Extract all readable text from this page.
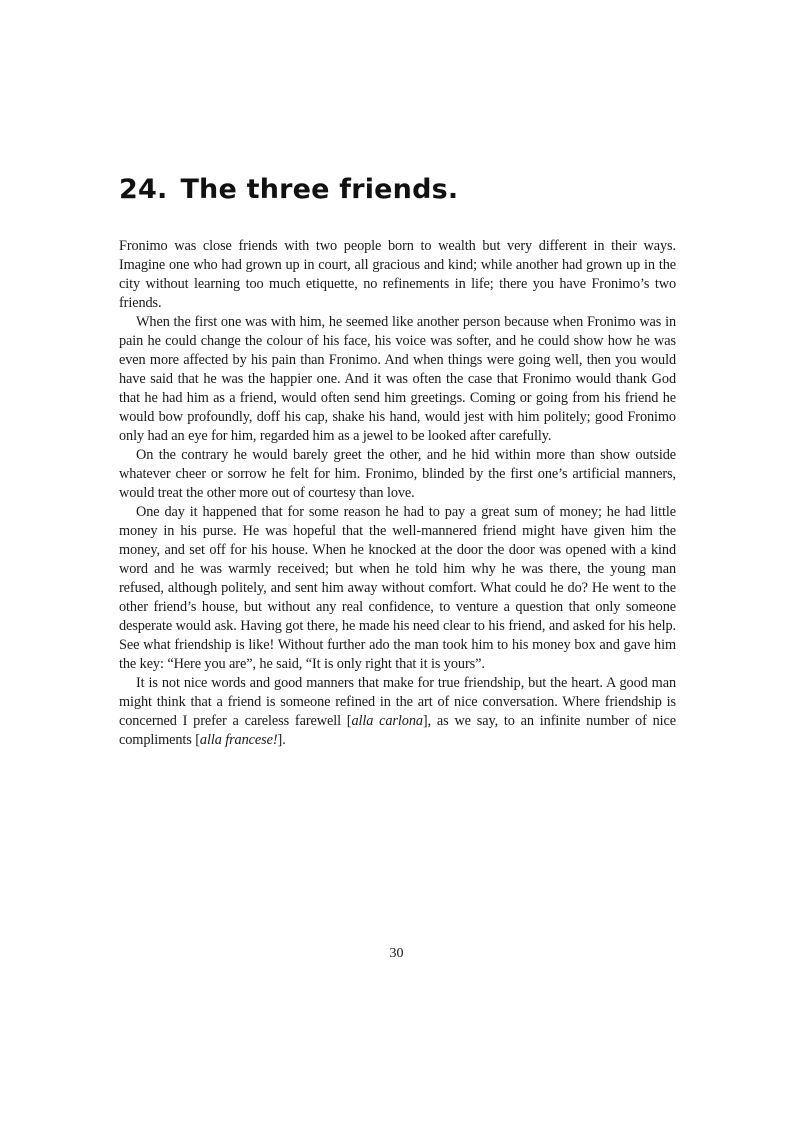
24. The three friends.

Fronimo was close friends with two people born to wealth but very different in their ways. Imagine one who had grown up in court, all gracious and kind; while another had grown up in the city without learning too much etiquette, no refinements in life; there you have Fronimo’s two friends.

When the first one was with him, he seemed like another person because when Fronimo was in pain he could change the colour of his face, his voice was softer, and he could show how he was even more affected by his pain than Fronimo. And when things were going well, then you would have said that he was the happier one. And it was often the case that Fronimo would thank God that he had him as a friend, would often send him greetings. Coming or going from his friend he would bow profoundly, doff his cap, shake his hand, would jest with him politely; good Fronimo only had an eye for him, regarded him as a jewel to be looked after carefully.

On the contrary he would barely greet the other, and he hid within more than show outside whatever cheer or sorrow he felt for him. Fronimo, blinded by the first one’s artificial manners, would treat the other more out of courtesy than love.

One day it happened that for some reason he had to pay a great sum of money; he had little money in his purse. He was hopeful that the well-mannered friend might have given him the money, and set off for his house. When he knocked at the door the door was opened with a kind word and he was warmly received; but when he told him why he was there, the young man refused, although politely, and sent him away without comfort. What could he do? He went to the other friend’s house, but without any real confidence, to venture a question that only someone desperate would ask. Having got there, he made his need clear to his friend, and asked for his help. See what friendship is like! Without further ado the man took him to his money box and gave him the key: “Here you are”, he said, “It is only right that it is yours”.

It is not nice words and good manners that make for true friendship, but the heart. A good man might think that a friend is someone refined in the art of nice conversation. Where friendship is concerned I prefer a careless farewell [alla carlona], as we say, to an infinite number of nice compliments [alla francese!].

30
